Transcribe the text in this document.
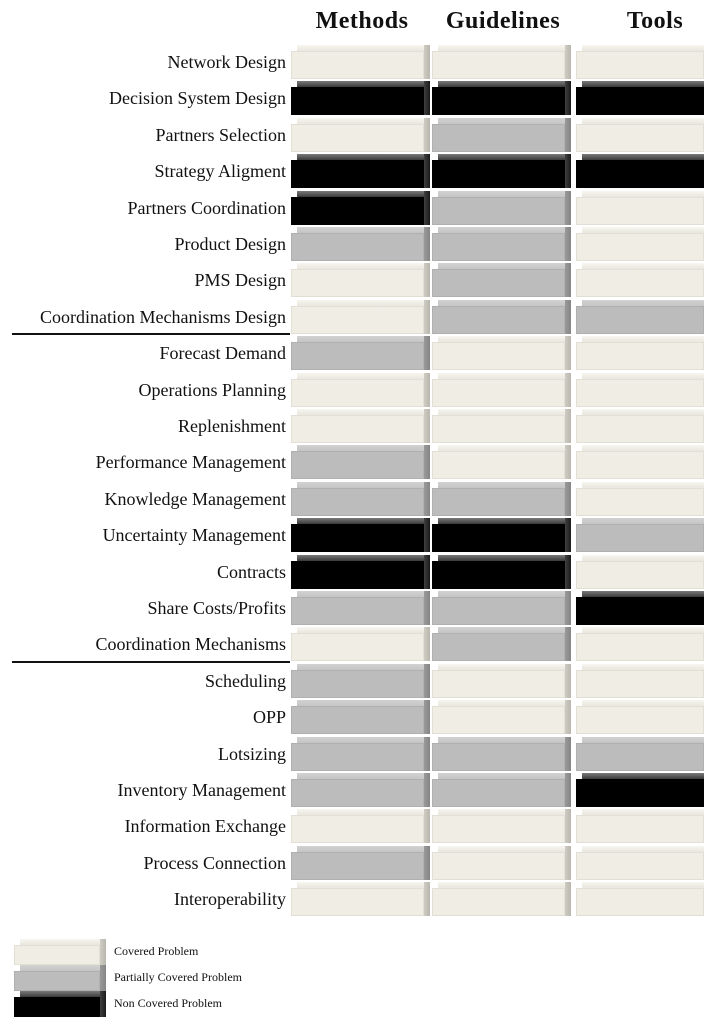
Methods	Guidelines	Tools
Network Design
Decision System Design
Partners Selection
Strategy Aligment
Partners Coordination
Product Design
PMS Design
Coordination Mechanisms Design
Forecast Demand
Operations Planning
Replenishment
Performance Management
Knowledge Management
Uncertainty Management
Contracts
Share Costs/Profits
Coordination Mechanisms
Scheduling
OPP
Lotsizing
Inventory Management
Information Exchange
Process Connection
Interoperability
Covered Problem
Partially Covered Problem
Non Covered Problem
